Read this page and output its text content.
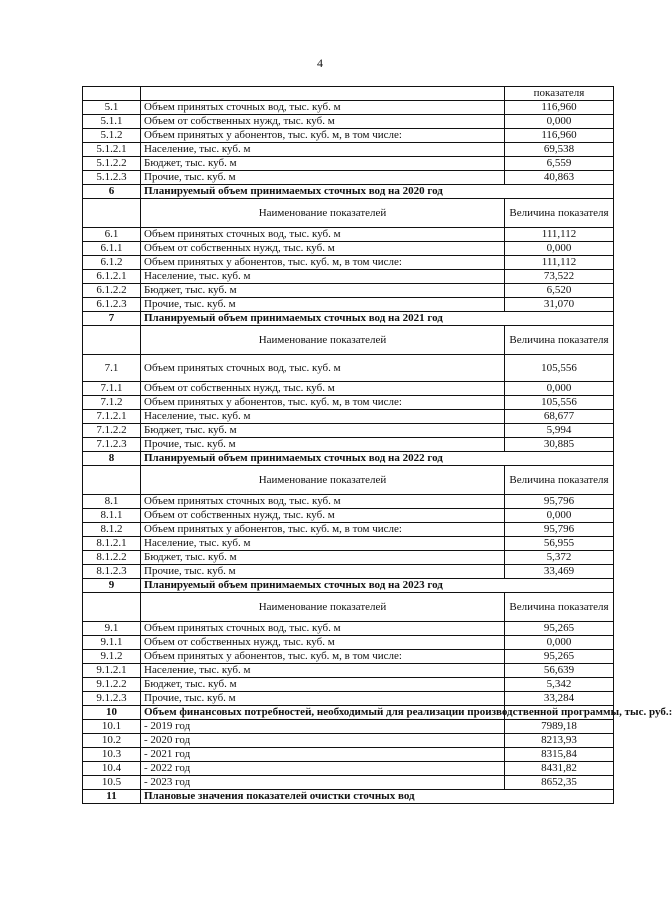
4
		показателя
5.1	Объем принятых сточных вод, тыс. куб. м	116,960
5.1.1	Объем от собственных нужд, тыс. куб. м	0,000
5.1.2	Объем принятых у абонентов, тыс. куб. м, в том числе:	116,960
5.1.2.1	Население, тыс. куб. м	69,538
5.1.2.2	Бюджет, тыс. куб. м	6,559
5.1.2.3	Прочие, тыс. куб. м	40,863
6	Планируемый объем принимаемых сточных вод на 2020 год	
	Наименование показателей	Величина показателя
6.1	Объем принятых сточных вод, тыс. куб. м	111,112
6.1.1	Объем от собственных нужд, тыс. куб. м	0,000
6.1.2	Объем принятых у абонентов, тыс. куб. м, в том числе:	111,112
6.1.2.1	Население, тыс. куб. м	73,522
6.1.2.2	Бюджет, тыс. куб. м	6,520
6.1.2.3	Прочие, тыс. куб. м	31,070
7	Планируемый объем принимаемых сточных вод на 2021 год	
	Наименование показателей	Величина показателя
7.1	Объем принятых сточных вод, тыс. куб. м	105,556
7.1.1	Объем от собственных нужд, тыс. куб. м	0,000
7.1.2	Объем принятых у абонентов, тыс. куб. м, в том числе:	105,556
7.1.2.1	Население, тыс. куб. м	68,677
7.1.2.2	Бюджет, тыс. куб. м	5,994
7.1.2.3	Прочие, тыс. куб. м	30,885
8	Планируемый объем принимаемых сточных вод на 2022 год	
	Наименование показателей	Величина показателя
8.1	Объем принятых сточных вод, тыс. куб. м	95,796
8.1.1	Объем от собственных нужд, тыс. куб. м	0,000
8.1.2	Объем принятых у абонентов, тыс. куб. м, в том числе:	95,796
8.1.2.1	Население, тыс. куб. м	56,955
8.1.2.2	Бюджет, тыс. куб. м	5,372
8.1.2.3	Прочие, тыс. куб. м	33,469
9	Планируемый объем принимаемых сточных вод на 2023 год	
	Наименование показателей	Величина показателя
9.1	Объем принятых сточных вод, тыс. куб. м	95,265
9.1.1	Объем от собственных нужд, тыс. куб. м	0,000
9.1.2	Объем принятых у абонентов, тыс. куб. м, в том числе:	95,265
9.1.2.1	Население, тыс. куб. м	56,639
9.1.2.2	Бюджет, тыс. куб. м	5,342
9.1.2.3	Прочие, тыс. куб. м	33,284
10	Объем финансовых потребностей, необходимый для реализации производственной программы, тыс. руб.:	
10.1	- 2019 год	7989,18
10.2	- 2020 год	8213,93
10.3	- 2021 год	8315,84
10.4	- 2022 год	8431,82
10.5	- 2023 год	8652,35
11	Плановые значения показателей очистки сточных вод	
